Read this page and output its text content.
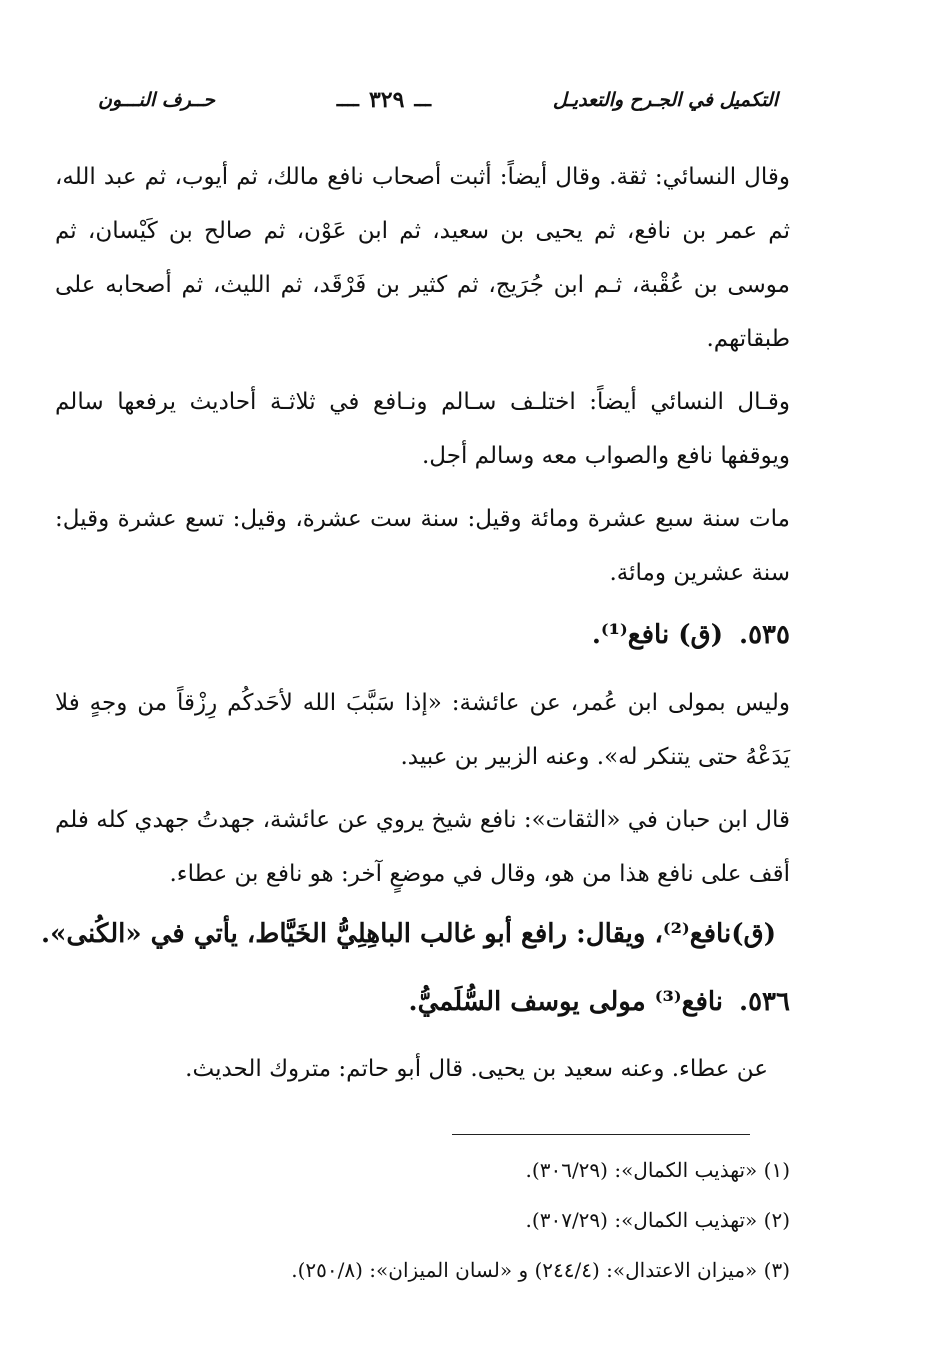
التكميل في الجـرح والتعديـل
ـــ
٣٢٩
ــــ
حــرف النـــون

وقال النسائي: ثقة. وقال أيضاً: أثبت أصحاب نافع مالك، ثم أيوب، ثم عبد الله، ثم عمر بن نافع، ثم يحيى بن سعيد، ثم ابن عَوْن، ثم صالح بن كَيْسان، ثم موسى بن عُقْبة، ثـم ابن جُرَيج، ثم كثير بن فَرْقَد، ثم الليث، ثم أصحابه على طبقاتهم.

وقـال النسائي أيضاً: اختلـف سـالم ونـافع في ثلاثـة أحاديث يرفعها سالم ويوقفها نافع والصواب معه وسالم أجل.

مات سنة سبع عشرة ومائة وقيل: سنة ست عشرة، وقيل: تسع عشرة وقيل: سنة عشرين ومائة.

٥٣٥.(ق) نافع⁽¹⁾.

وليس بمولى ابن عُمر، عن عائشة: «إذا سَبَّبَ الله لأحَدكُم رِزْقاً من وجهٍ فلا يَدَعْهُ حتى يتنكر له». وعنه الزبير بن عبيد.

قال ابن حبان في «الثقات»: نافع شيخ يروي عن عائشة، جهدتُ جهدي كله فلم أقف على نافع هذا من هو، وقال في موضعٍ آخر: هو نافع بن عطاء.

(ق)نافع⁽²⁾، ويقال: رافع أبو غالب الباهِلِيُّ الخَيَّاط، يأتي في «الكُنى».
٥٣٦.نافع⁽³⁾ مولى يوسف السُّلَميُّ.

عن عطاء. وعنه سعيد بن يحيى. قال أبو حاتم: متروك الحديث.

(١) «تهذيب الكمال»: (٣٠٦/٢٩).

(٢) «تهذيب الكمال»: (٣٠٧/٢٩).

(٣) «ميزان الاعتدال»: (٢٤٤/٤) و «لسان الميزان»: (٢٥٠/٨).
